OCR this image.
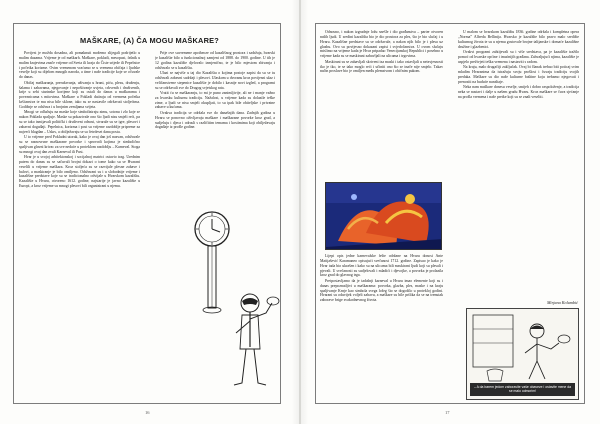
MAŠKARE, (A) ČA MOGU MAŠKARE?

Povijest je možda dosadna, ali pomaknuti možemo slijegali podrijetlo u malim duzama. Vrijeme je od maškarh. Maškare, pokladi, mesopust, fašnik u malim krajevima znače vrijeme od Sveta ili kraja do Čiste srijede ili Pepelnice i početka korizme. Ovim vremenom vraćamo se u vremena običaja i ljudske veselje koji su dijelom mnogih naroda, a time i naše tradicije koje se očuvale do danas.

Običaj maškaranja, prerušavanja, uživanja u hrani, piću, plesu, druženju, šalama i zabavama, njegovanje i nepoštivanje uvjeta, crkvenih i društvenih, krije u sebi starinske korijene koji su ostali do danas u maškarama i poveznicama s mitovima. Maškare u Pokladi datiraju od vremena početka kršćanstva te mu nisu bile sklone, iako su se nastavile održavati stoljećima. Godišnje se održava i u brojnim zemljama svijeta.

Mnogi se odlučuju na maske koje simboliziraju zimu, sotonu i zlo koje se nakon Poklada spaljuje. Maske su pokazivale ono što ljudi nisu smjeli reći, pa su se tako ismijavali politički i društveni odnosi, stvarale su se igre, plesovi i zabavni događaji. Pepelnica, korizma i post su vrijeme razdoblje pripreme za najveći blagdan – Uskrs, a obilježavaju se sa četrdeset dana posta.

U to vrijeme pred Pokladni utorak, kako je ovaj dan još nazvan, održavale su se raznovrsne maškarane povorke i sprovodi kojima je simbolično spaljivan glavni krivac za sve nedaće u proteklom razdoblju – Karneval. Stoga su mnogi ovaj dan zvali Karneval ili Pust.

Hvar je u svojoj arhitektonskoj i socijalnoj matrici ostavio trag. Urednim putem do danas su se sačuvali brojni dokazi o tome kako su se Hvarani veselili u vrijeme maškara. Kroz stoljeća su se razvijale plesne zabave i balovi, a maskiranje je bilo omiljeno. Održavani su i u slobodnije vrijeme i kazališne predstave koje su se tradicionalno odvijale u Hvarskom kazalištu. Kazalište u Hvaru, otvoreno 1612. godine, najstarije je javno kazalište u Europi, a kroz vrijeme su mnogi plesovi bili organizirani u njemu.

Prije ove suvremene apotheoze od kazališnog prostora i sadržaja, hvarski je kazalište bilo u funkcionalnoj zamjeni od 1888. do 1900. godine. U tih je 12 godina kazalište djelovalo izmjenično, te je bilo mjestom zbivanja i održavalo se u kazalištu.

Ulazi se najviše u taj dio Kazališta o kojima postoje zapisi da su se tu održavali zabavni sadržaji i plesovi. Ulaskom u dvoranu kroz povijesni ulaz i veličanstvene stepenice kazalište je dobilo i kasnije novi izgled, a programi su se održavali sve do Drugog svjetskog rata.

Vratit ću se maškaranju, to mi je puno zanimljivije, ali ne i manje važno za hvarsku kulturnu tradiciju. Nažalost, u vrijeme kada su dolazile teške zime, a ljudi se nisu smjeli okupljati, to su ipak bile obiteljske i privatne zabave u kućama.

Ovakva tradicija se održala sve do današnjih dana. Zadnjih godina u Hvaru se ponovno oživljavaju maškare i maškarane povorke kroz grad, a sudjeluju i djeca i odrasli s različitim temama i kostimima koji obilježavaju događaje iz prošle godine.

16

Odnosno, i nakon izgradnje ložu snešle i dio građanstva – parter otvoren naših ljudi. U sredini kazališta bio je dio prostora za ples, što je bio slučaj i u Hvaru. Kazališne predstave su se održavale, a nakon njih bilo je i plesa uz glazbu. Ovo su povijesno dokazani zapisi i svjedočanstva. U ovom slučaju mislimo na vrijeme kada je Hvar pripadao Venecijanskoj Republici i posebno u vrijeme kada su se maskirani zabavljali na ulicama i trgovima.

Maskirani su se zabavljali skriveni iza maski i tako ostavljali u neizvjesnosti tko je tko, te se tako moglo reći i učiniti ono što se inače nije smjelo. Takav način proslave bio je omiljen među plemstvom i običnim pukom.

Lijepi opis jedne karnevalske fešte održane na Hvaru donosi Ante Matijašević Karamaneo opisujući svečanost 1712. godine. Zapisao je kako je Hvar tada bio ukrašen i kako su na ulicama bili maskirani ljudi koji su plesali i pjevali. U svečanosti su sudjelovali i mladići i djevojke, a povorka je prolazila kroz grad do glavnog trga.

Pretpostavljamo da je tadašnji karneval u Hvaru imao elemente koji su i danas prepoznatljivi u maškarama: povorka, glazba, ples, maske i na kraju spaljivanje Krnje kao simbola svega lošeg što se dogodilo u protekloj godini. Hvarani su oduvijek voljeli zabavu, a maškare su bile prilika da se na trenutak zaborave brige svakodnevnog života.

U malom se hvarskom kazalištu 1836. godine održala i kompletna opera „Norma” Alfreda Bellinija. Hvarsko je kazalište bilo pravo malo središte kulturnog života te su u njemu gostovale brojne talijanske i domaće kazališne družine i glazbenici.

Ovakvi programi zahtijevali su i više sredstava, pa je kazalište tražilo pomoć od hvarske općine i imućnijih građana. Zahvaljujući njima, kazalište je uspjelo preživjeti teška vremena i nastaviti s radom.

Na kraju, malo drugačiji zaključak. Ovaj bi članak trebao biti poticaj svim mladim Hvaranima da istražuju svoju prošlost i čuvaju tradiciju svojih predaka. Maškare su dio naše kulturne baštine koju trebamo njegovati i prenositi na buduće naraštaje.

Neka nam maškare donesu veselje, smijeh i dobro raspoloženje, a tradicija neka se nastavi i dalje u našem gradu Hvaru. Kroz maškare se čuva sjećanje na prošla vremena i naše pretke koji su se znali veseliti.

Mirjana Kolumbić
– A da barem jedom zaboravite vaše obaveze i ostavite mene da se malo odmorim!
17
